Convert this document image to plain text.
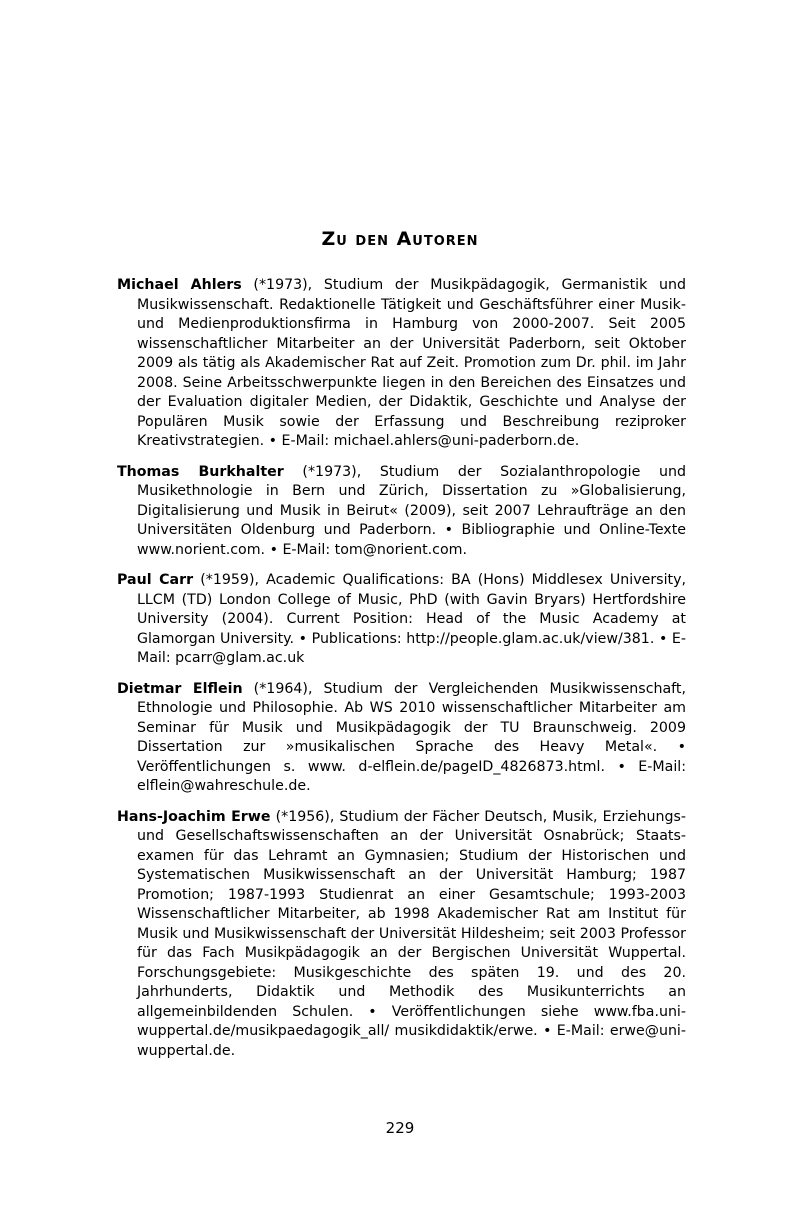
Zu den Autoren

Michael Ahlers (*1973), Studium der Musikpädagogik, Germanistik und Musikwissenschaft. Redaktionelle Tätigkeit und Geschäftsführer einer Musik- und Medienproduktionsfirma in Hamburg von 2000-2007. Seit 2005 wissenschaftlicher Mitarbeiter an der Universität Paderborn, seit Oktober 2009 als tätig als Akademischer Rat auf Zeit. Promotion zum Dr. phil. im Jahr 2008. Seine Arbeitsschwerpunkte liegen in den Bereichen des Einsatzes und der Evaluation digitaler Medien, der Didaktik, Geschichte und Analyse der Populären Musik sowie der Erfassung und Beschreibung reziproker Kreativstrategien. • E-Mail: michael.ahlers@uni-paderborn.de.

Thomas Burkhalter (*1973), Studium der Sozialanthropologie und Musikethnologie in Bern und Zürich, Dissertation zu »Globalisierung, Digitalisierung und Musik in Beirut« (2009), seit 2007 Lehraufträge an den Universitäten Oldenburg und Paderborn. • Bibliographie und Online-Texte www.norient.com. • E-Mail: tom@norient.com.

Paul Carr (*1959), Academic Qualifications: BA (Hons) Middlesex University, LLCM (TD) London College of Music, PhD (with Gavin Bryars) Hertfordshire University (2004). Current Position: Head of the Music Academy at Glamorgan University. • Publications: http://people.glam.ac.uk/view/381. • E-Mail: pcarr@glam.ac.uk

Dietmar Elflein (*1964), Studium der Vergleichenden Musikwissenschaft, Ethnologie und Philosophie. Ab WS 2010 wissenschaftlicher Mitarbeiter am Seminar für Musik und Musikpädagogik der TU Braunschweig. 2009 Dissertation zur »musikalischen Sprache des Heavy Metal«. • Veröffentlichungen s. www. d-elflein.de/pageID_4826873.html. • E-Mail: elflein@wahreschule.de.

Hans-Joachim Erwe (*1956), Studium der Fächer Deutsch, Musik, Erziehungs- und Gesellschaftswissenschaften an der Universität Osnabrück; Staatsexamen für das Lehramt an Gymnasien; Studium der Historischen und Systematischen Musikwissenschaft an der Universität Hamburg; 1987 Promotion; 1987-1993 Studienrat an einer Gesamtschule; 1993-2003 Wissenschaftlicher Mitarbeiter, ab 1998 Akademischer Rat am Institut für Musik und Musikwissenschaft der Universität Hildesheim; seit 2003 Professor für das Fach Musikpädagogik an der Bergischen Universität Wuppertal. Forschungsgebiete: Musikgeschichte des späten 19. und des 20. Jahrhunderts, Didaktik und Methodik des Musikunterrichts an allgemeinbildenden Schulen. • Veröffentlichungen siehe www.fba.uni-wuppertal.de/musikpaedagogik_all/ musikdidaktik/erwe. • E-Mail: erwe@uni-wuppertal.de.

229
